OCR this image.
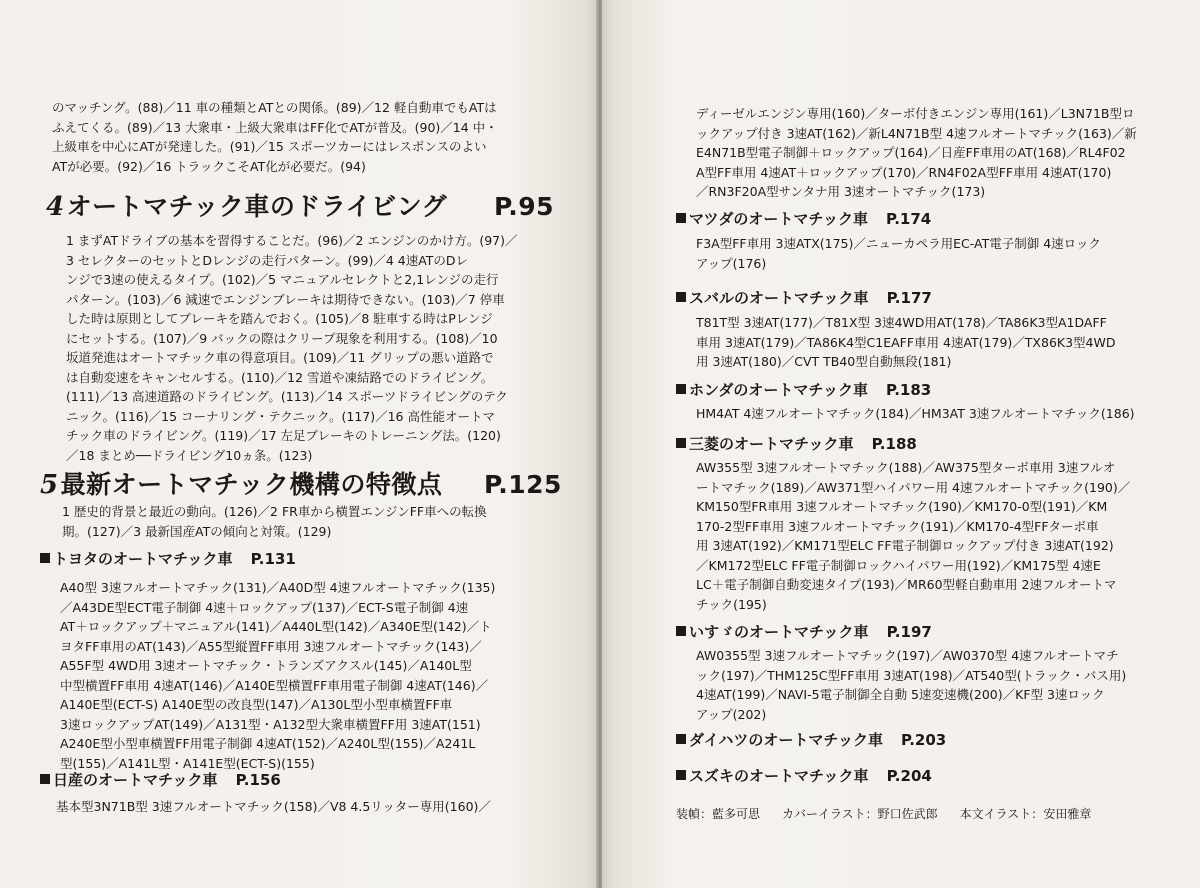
のマッチング。(88)／11 車の種類とATとの関係。(89)／12 軽自動車でもATは
ふえてくる。(89)／13 大衆車・上級大衆車はFF化でATが普及。(90)／14 中・
上級車を中心にATが発達した。(91)／15 スポーツカーにはレスポンスのよい
ATが必要。(92)／16 トラックこそAT化が必要だ。(94)
4オートマチック車のドライビング P.95
1 まずATドライブの基本を習得することだ。(96)／2 エンジンのかけ方。(97)／
3 セレクターのセットとDレンジの走行パターン。(99)／4 4速ATのDレ
ンジで3速の使えるタイプ。(102)／5 マニュアルセレクトと2,1レンジの走行
パターン。(103)／6 減速でエンジンブレーキは期待できない。(103)／7 停車
した時は原則としてブレーキを踏んでおく。(105)／8 駐車する時はPレンジ
にセットする。(107)／9 バックの際はクリープ現象を利用する。(108)／10
坂道発進はオートマチック車の得意項目。(109)／11 グリップの悪い道路で
は自動変速をキャンセルする。(110)／12 雪道や凍結路でのドライビング。
(111)／13 高速道路のドライビング。(113)／14 スポーツドライビングのテク
ニック。(116)／15 コーナリング・テクニック。(117)／16 高性能オートマ
チック車のドライビング。(119)／17 左足ブレーキのトレーニング法。(120)
／18 まとめ──ドライビング10ヵ条。(123)
5最新オートマチック機構の特徴点 P.125
1 歴史的背景と最近の動向。(126)／2 FR車から横置エンジンFF車への転換
期。(127)／3 最新国産ATの傾向と対策。(129)
トヨタのオートマチック車 P.131
A40型 3速フルオートマチック(131)／A40D型 4速フルオートマチック(135)
／A43DE型ECT電子制御 4速＋ロックアップ(137)／ECT-S電子制御 4速
AT＋ロックアップ＋マニュアル(141)／A440L型(142)／A340E型(142)／ト
ヨタFF車用のAT(143)／A55型縦置FF車用 3速フルオートマチック(143)／
A55F型 4WD用 3速オートマチック・トランズアクスル(145)／A140L型
中型横置FF車用 4速AT(146)／A140E型横置FF車用電子制御 4速AT(146)／
A140E型(ECT-S) A140E型の改良型(147)／A130L型小型車横置FF車
3速ロックアップAT(149)／A131型・A132型大衆車横置FF用 3速AT(151)
A240E型小型車横置FF用電子制御 4速AT(152)／A240L型(155)／A241L
型(155)／A141L型・A141E型(ECT-S)(155)
日産のオートマチック車 P.156
基本型3N71B型 3速フルオートマチック(158)／V8 4.5リッター専用(160)／
ディーゼルエンジン専用(160)／ターボ付きエンジン専用(161)／L3N71B型ロ
ックアップ付き 3速AT(162)／新L4N71B型 4速フルオートマチック(163)／新
E4N71B型電子制御＋ロックアップ(164)／日産FF車用のAT(168)／RL4F02
A型FF車用 4速AT＋ロックアップ(170)／RN4F02A型FF車用 4速AT(170)
／RN3F20A型サンタナ用 3速オートマチック(173)
マツダのオートマチック車 P.174
F3A型FF車用 3速ATX(175)／ニューカペラ用EC-AT電子制御 4速ロック
アップ(176)
スバルのオートマチック車 P.177
T81T型 3速AT(177)／T81X型 3速4WD用AT(178)／TA86K3型A1DAFF
車用 3速AT(179)／TA86K4型C1EAFF車用 4速AT(179)／TX86K3型4WD
用 3速AT(180)／CVT TB40型自動無段(181)
ホンダのオートマチック車 P.183
HM4AT 4速フルオートマチック(184)／HM3AT 3速フルオートマチック(186)
三菱のオートマチック車 P.188
AW355型 3速フルオートマチック(188)／AW375型ターボ車用 3速フルオ
ートマチック(189)／AW371型ハイパワー用 4速フルオートマチック(190)／
KM150型FR車用 3速フルオートマチック(190)／KM170-0型(191)／KM
170-2型FF車用 3速フルオートマチック(191)／KM170-4型FFターボ車
用 3速AT(192)／KM171型ELC FF電子制御ロックアップ付き 3速AT(192)
／KM172型ELC FF電子制御ロックハイパワー用(192)／KM175型 4速E
LC＋電子制御自動変速タイプ(193)／MR60型軽自動車用 2速フルオートマ
チック(195)
いすゞのオートマチック車 P.197
AW0355型 3速フルオートマチック(197)／AW0370型 4速フルオートマチ
ック(197)／THM125C型FF車用 3速AT(198)／AT540型(トラック・バス用)
4速AT(199)／NAVI-5電子制御全自動 5速変速機(200)／KF型 3速ロック
アップ(202)
ダイハツのオートマチック車 P.203
スズキのオートマチック車 P.204
装幀：藍多可思 カバーイラスト：野口佐武郎 本文イラスト：安田雅章
